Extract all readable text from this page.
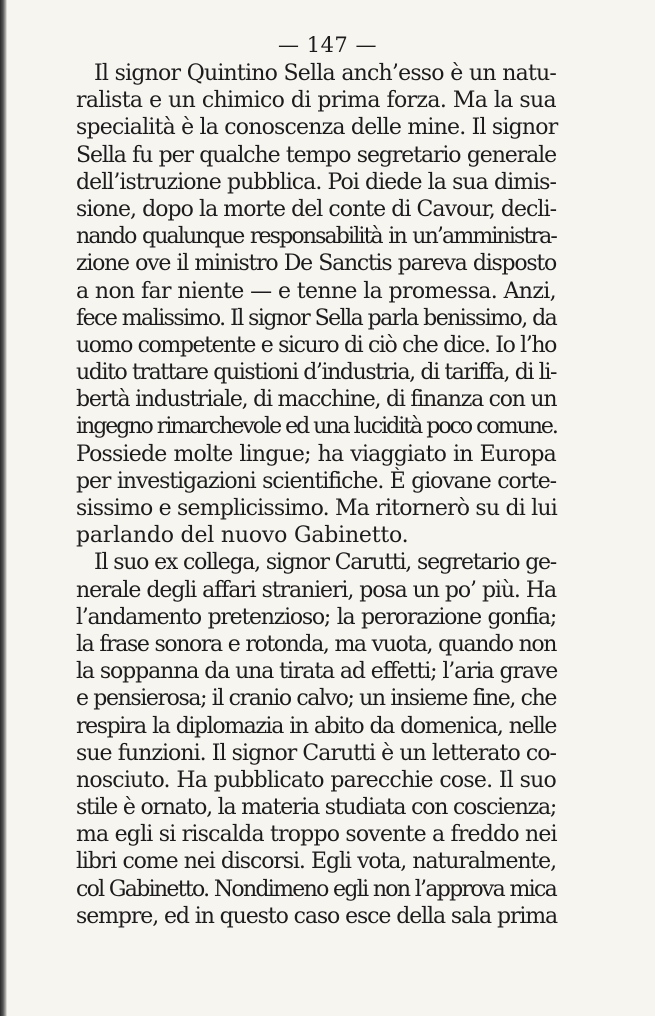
— 147 —
Il signor Quintino Sella anch’esso è un natu-
ralista e un chimico di prima forza. Ma la sua
specialità è la conoscenza delle mine. Il signor
Sella fu per qualche tempo segretario generale
dell’istruzione pubblica. Poi diede la sua dimis-
sione, dopo la morte del conte di Cavour, decli-
nando qualunque responsabilità in un’amministra-
zione ove il ministro De Sanctis pareva disposto
a non far niente — e tenne la promessa. Anzi,
fece malissimo. Il signor Sella parla benissimo, da
uomo competente e sicuro di ciò che dice. Io l’ho
udito trattare quistioni d’industria, di tariffa, di li-
bertà industriale, di macchine, di finanza con un
ingegno rimarchevole ed una lucidità poco comune.
Possiede molte lingue; ha viaggiato in Europa
per investigazioni scientifiche. È giovane corte-
sissimo e semplicissimo. Ma ritornerò su di lui
parlando del nuovo Gabinetto.
Il suo ex collega, signor Carutti, segretario ge-
nerale degli affari stranieri, posa un po’ più. Ha
l’andamento pretenzioso; la perorazione gonfia;
la frase sonora e rotonda, ma vuota, quando non
la soppanna da una tirata ad effetti; l’aria grave
e pensierosa; il cranio calvo; un insieme fine, che
respira la diplomazia in abito da domenica, nelle
sue funzioni. Il signor Carutti è un letterato co-
nosciuto. Ha pubblicato parecchie cose. Il suo
stile è ornato, la materia studiata con coscienza;
ma egli si riscalda troppo sovente a freddo nei
libri come nei discorsi. Egli vota, naturalmente,
col Gabinetto. Nondimeno egli non l’approva mica
sempre, ed in questo caso esce della sala prima
